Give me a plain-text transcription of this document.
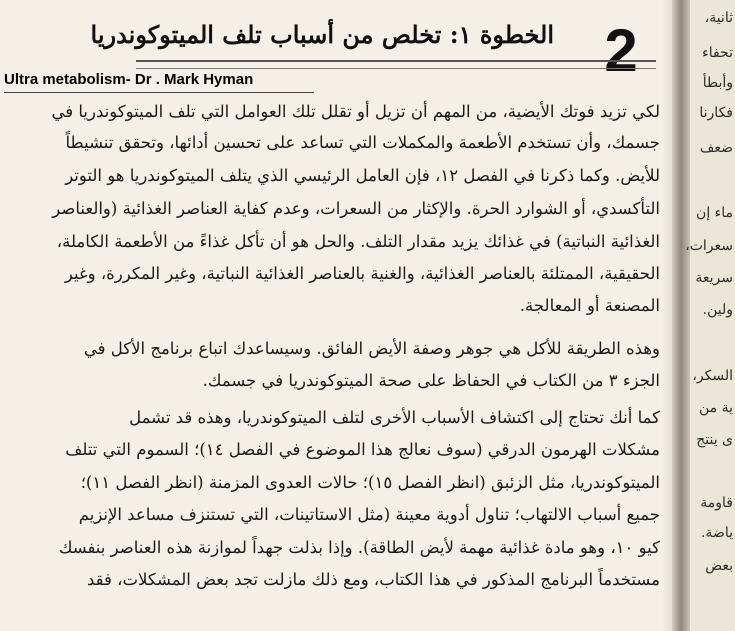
2
الخطوة ١: تخلص من أسباب تلف الميتوكوندريا
Ultra metabolism- Dr . Mark Hyman
لكي تزيد فوتك الأيضية، من المهم أن تزيل أو تقلل تلك العوامل التي تلف الميتوكوندريا في
جسمك، وأن تستخدم الأطعمة والمكملات التي تساعد على تحسين أدائها، وتحقق تنشيطاً
للأيض. وكما ذكرنا في الفصل ١٢، فإن العامل الرئيسي الذي يتلف الميتوكوندريا هو التوتر
التأكسدي، أو الشوارد الحرة. والإكثار من السعرات، وعدم كفاية العناصر الغذائية (والعناصر
الغذائية النباتية) في غذائك يزيد مقدار التلف. والحل هو أن تأكل غذاءً من الأطعمة الكاملة،
الحقيقية، الممتلئة بالعناصر الغذائية، والغنية بالعناصر الغذائية النباتية، وغير المكررة، وغير
المصنعة أو المعالجة.
وهذه الطريقة للأكل هي جوهر وصفة الأيض الفائق. وسيساعدك اتباع برنامج الأكل في
الجزء ٣ من الكتاب في الحفاظ على صحة الميتوكوندريا في جسمك.
كما أنك تحتاج إلى اكتشاف الأسباب الأخرى لتلف الميتوكوندريا، وهذه قد تشمل
مشكلات الهرمون الدرقي (سوف نعالج هذا الموضوع في الفصل ١٤)؛ السموم التي تتلف
الميتوكوندريا، مثل الزئبق (انظر الفصل ١٥)؛ حالات العدوى المزمنة (انظر الفصل ١١)؛
جميع أسباب الالتهاب؛ تناول أدوية معينة (مثل الاستاتينات، التي تستنزف مساعد الإنزيم
كيو ١٠، وهو مادة غذائية مهمة لأيض الطاقة). وإذا بذلت جهداً لموازنة هذه العناصر بنفسك
مستخدماً البرنامج المذكور في هذا الكتاب، ومع ذلك مازلت تجد بعض المشكلات، فقد
ثانية،
تحفاء
وأبطأ
فكارنا
ضعف
ماء إن
سعرات،
سريعة
ولين.
السكر،
ية من
ى ينتج
قاومة
ياضة.
بعض
